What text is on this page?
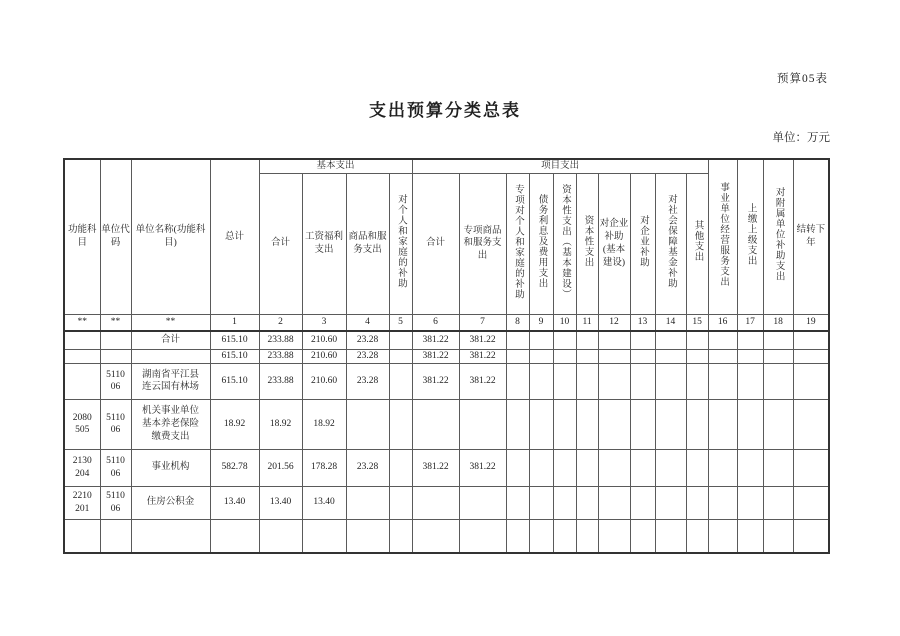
预算05表
支出预算分类总表
单位：万元
功能科目	单位代码	单位名称(功能科目)	总计	基本支出				项目支出										事业单位经营服务支出	上缴上级支出	对附属单位补助支出	结转下年
				合计	工资福利支出	商品和服务支出	对个人和家庭的补助	合计	专项商品和服务支出	专项对个人和家庭的补助	债务利息及费用支出	资本性支出（基本建设）	资本性支出	对企业补助(基本建设)	对企业补助	对社会保障基金补助	其他支出				
**	**	**	1	2	3	4	5	6	7	8	9	10	11	12	13	14	15	16	17	18	19
		合计	615.10	233.88	210.60	23.28		381.22	381.22												
			615.10	233.88	210.60	23.28		381.22	381.22												
	511006	湖南省平江县连云国有林场	615.10	233.88	210.60	23.28		381.22	381.22												
2080505	511006	机关事业单位基本养老保险缴费支出	18.92	18.92	18.92																
2130204	511006	事业机构	582.78	201.56	178.28	23.28		381.22	381.22												
2210201	511006	住房公积金	13.40	13.40	13.40																
